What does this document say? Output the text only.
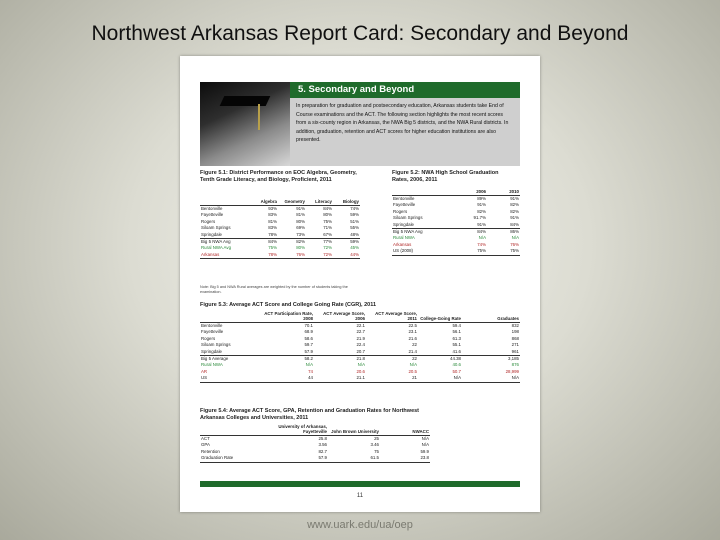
Northwest Arkansas Report Card: Secondary and Beyond
5. Secondary and Beyond
In preparation for graduation and postsecondary education, Arkansas students take End of Course examinations and the ACT. The following section highlights the most recent scores from a six-county region in Arkansas, the NWA Big 5 districts, and the NWA Rural districts. In addition, graduation, retention and ACT scores for higher education institutions are also presented.
Figure 5.1: District Performance on EOC Algebra, Geometry, Tenth Grade Literacy, and Biology, Proficient, 2011
	Algebra	Geometry	Literacy	Biology
Bentonville	93%	91%	84%	74%
Fayetteville	83%	81%	80%	59%
Rogers	81%	80%	75%	51%
Siloam Springs	83%	69%	71%	55%
Springdale	78%	73%	67%	48%
Big 5 NWA Avg	84%	82%	77%	59%
Rural NWA Avg	75%	80%	72%	45%
Arkansas	78%	76%	72%	44%
Note: Big 5 and NWA Rural averages are weighted by the number of students taking the examination.
Figure 5.2: NWA High School Graduation Rates, 2006, 2011
	2006	2010
Bentonville	89%	91%
Fayetteville	91%	82%
Rogers	82%	82%
Siloam Springs	91.7%	91%
Springdale	91%	84%
Big 5 NWA Avg	84%	86%
Rural NWA	N/A	N/A
Arkansas	74%	76%
US (2008)	75%	75%
Figure 5.3: Average ACT Score and College Going Rate (CGR), 2011
	ACT Participation Rate, 2008	ACT Average Score, 2006	ACT Average Score, 2011	College-Going Rate	Graduates
Bentonville	70.1	22.1	22.5	59.4	832
Fayetteville	68.9	22.7	23.1	56.1	198
Rogers	58.6	21.9	21.6	61.3	868
Siloam Springs	59.7	22.4	22	55.1	271
Springdale	57.9	20.7	21.4	41.6	961
Big 5 Average	58.2	21.8	22	44.38	3,185
Rural NWA	N/A	N/A	N/A	40.6	876
AR	74	20.6	20.5	50.7	28,999
US	44	21.1	21	N/A	N/A
Figure 5.4: Average ACT Score, GPA, Retention and Graduation Rates for Northwest Arkansas Colleges and Universities, 2011
	University of Arkansas, Fayetteville	John Brown University	NWACC
ACT	25.8	25	N/A
GPA	3.56	3.46	N/A
Retention	82.7	75	59.9
Graduation Rate	57.9	61.5	23.8
11
www.uark.edu/ua/oep
